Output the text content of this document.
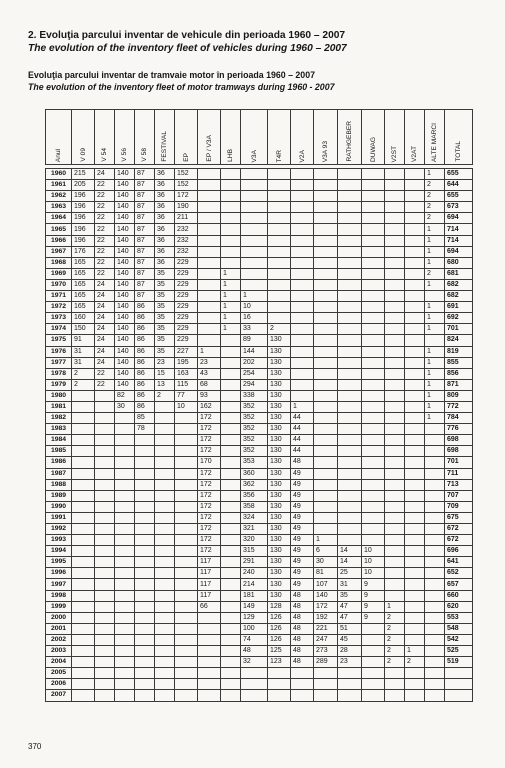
2. Evoluţia parcului inventar de vehicule din perioada 1960 – 2007
The evolution of the inventory fleet of vehicles during 1960 – 2007
Evoluţia parcului inventar de tramvaie motor în perioada 1960 – 2007
The evolution of the inventory fleet of motor tramways during 1960 - 2007
Anul	V 09	V 54	V 56	V 58	FESTIVAL	EP	EP / V3A	LHB	V3A	T4R	V2A	V3A 93	RATHGEBER	DUWAG	V2ST	V2AT	ALTE MARCI	TOTAL

1960	215	24	140	87	36	152											1	655
1961	205	22	140	87	36	152											2	644
1962	196	22	140	87	36	172											2	655
1963	196	22	140	87	36	190											2	673
1964	196	22	140	87	36	211											2	694
1965	196	22	140	87	36	232											1	714
1966	196	22	140	87	36	232											1	714
1967	176	22	140	87	36	232											1	694
1968	165	22	140	87	36	229											1	680
1969	165	22	140	87	35	229		1									2	681
1970	165	24	140	87	35	229		1									1	682
1971	165	24	140	87	35	229		1	1									682
1972	165	24	140	86	35	229		1	10								1	691
1973	160	24	140	86	35	229		1	16								1	692
1974	150	24	140	86	35	229		1	33	2							1	701
1975	91	24	140	86	35	229			89	130								824
1976	31	24	140	86	35	227	1		144	130							1	819
1977	31	24	140	86	23	195	23		202	130							1	855
1978	2	22	140	86	15	163	43		254	130							1	856
1979	2	22	140	86	13	115	68		294	130							1	871
1980			82	86	2	77	93		338	130							1	809
1981			30	86		10	162		352	130	1						1	772
1982				85			172		352	130	44						1	784
1983				78			172		352	130	44							776
1984							172		352	130	44							698
1985							172		352	130	44							698
1986							170		353	130	48							701
1987							172		360	130	49							711
1988							172		362	130	49							713
1989							172		356	130	49							707
1990							172		358	130	49							709
1991							172		324	130	49							675
1992							172		321	130	49							672
1993							172		320	130	49	1						672
1994							172		315	130	49	6	14	10				696
1995							117		291	130	49	30	14	10				641
1996							117		240	130	49	81	25	10				652
1997							117		214	130	49	107	31	9				657
1998							117		181	130	48	140	35	9				660
1999							66		149	128	48	172	47	9	1			620
2000									129	126	48	192	47	9	2			553
2001									100	126	48	221	51		2			548
2002									74	126	48	247	45		2			542
2003									48	125	48	273	28		2	1		525
2004									32	123	48	289	23		2	2		519
2005																		
2006																		
2007																		

370
